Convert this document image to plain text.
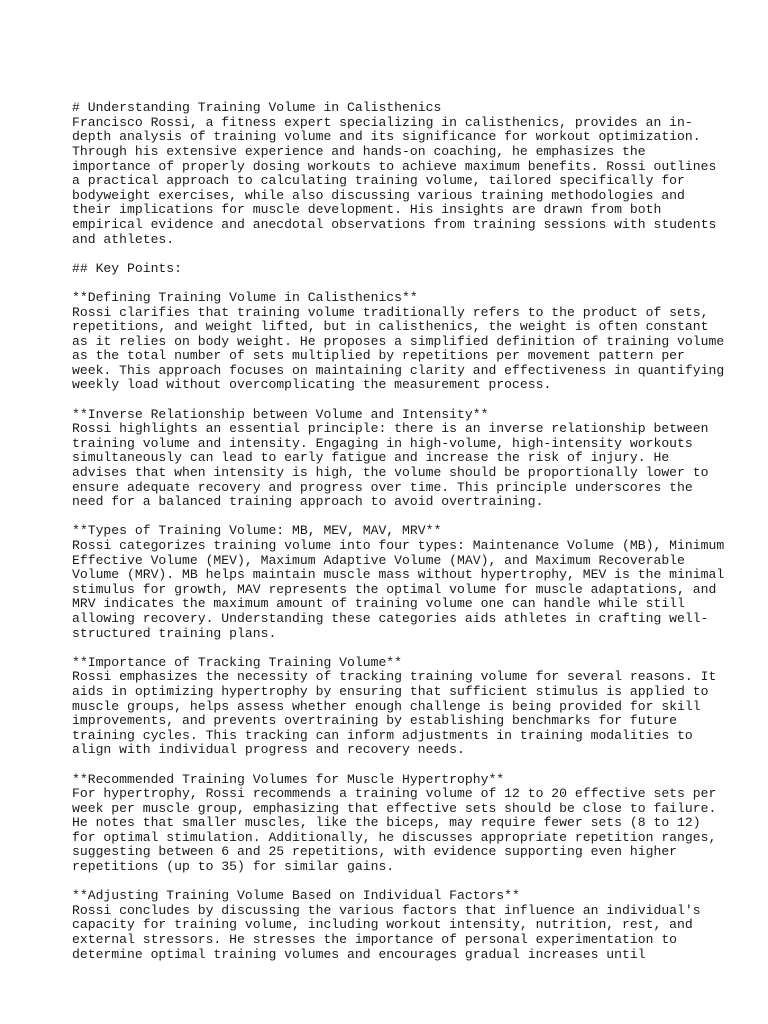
# Understanding Training Volume in Calisthenics
Francisco Rossi, a fitness expert specializing in calisthenics, provides an in-
depth analysis of training volume and its significance for workout optimization.
Through his extensive experience and hands-on coaching, he emphasizes the
importance of properly dosing workouts to achieve maximum benefits. Rossi outlines
a practical approach to calculating training volume, tailored specifically for
bodyweight exercises, while also discussing various training methodologies and
their implications for muscle development. His insights are drawn from both
empirical evidence and anecdotal observations from training sessions with students
and athletes.
## Key Points:
**Defining Training Volume in Calisthenics**
Rossi clarifies that training volume traditionally refers to the product of sets,
repetitions, and weight lifted, but in calisthenics, the weight is often constant
as it relies on body weight. He proposes a simplified definition of training volume
as the total number of sets multiplied by repetitions per movement pattern per
week. This approach focuses on maintaining clarity and effectiveness in quantifying
weekly load without overcomplicating the measurement process.
**Inverse Relationship between Volume and Intensity**
Rossi highlights an essential principle: there is an inverse relationship between
training volume and intensity. Engaging in high-volume, high-intensity workouts
simultaneously can lead to early fatigue and increase the risk of injury. He
advises that when intensity is high, the volume should be proportionally lower to
ensure adequate recovery and progress over time. This principle underscores the
need for a balanced training approach to avoid overtraining.
**Types of Training Volume: MB, MEV, MAV, MRV**
Rossi categorizes training volume into four types: Maintenance Volume (MB), Minimum
Effective Volume (MEV), Maximum Adaptive Volume (MAV), and Maximum Recoverable
Volume (MRV). MB helps maintain muscle mass without hypertrophy, MEV is the minimal
stimulus for growth, MAV represents the optimal volume for muscle adaptations, and
MRV indicates the maximum amount of training volume one can handle while still
allowing recovery. Understanding these categories aids athletes in crafting well-
structured training plans.
**Importance of Tracking Training Volume**
Rossi emphasizes the necessity of tracking training volume for several reasons. It
aids in optimizing hypertrophy by ensuring that sufficient stimulus is applied to
muscle groups, helps assess whether enough challenge is being provided for skill
improvements, and prevents overtraining by establishing benchmarks for future
training cycles. This tracking can inform adjustments in training modalities to
align with individual progress and recovery needs.
**Recommended Training Volumes for Muscle Hypertrophy**
For hypertrophy, Rossi recommends a training volume of 12 to 20 effective sets per
week per muscle group, emphasizing that effective sets should be close to failure.
He notes that smaller muscles, like the biceps, may require fewer sets (8 to 12)
for optimal stimulation. Additionally, he discusses appropriate repetition ranges,
suggesting between 6 and 25 repetitions, with evidence supporting even higher
repetitions (up to 35) for similar gains.
**Adjusting Training Volume Based on Individual Factors**
Rossi concludes by discussing the various factors that influence an individual's
capacity for training volume, including workout intensity, nutrition, rest, and
external stressors. He stresses the importance of personal experimentation to
determine optimal training volumes and encourages gradual increases until
